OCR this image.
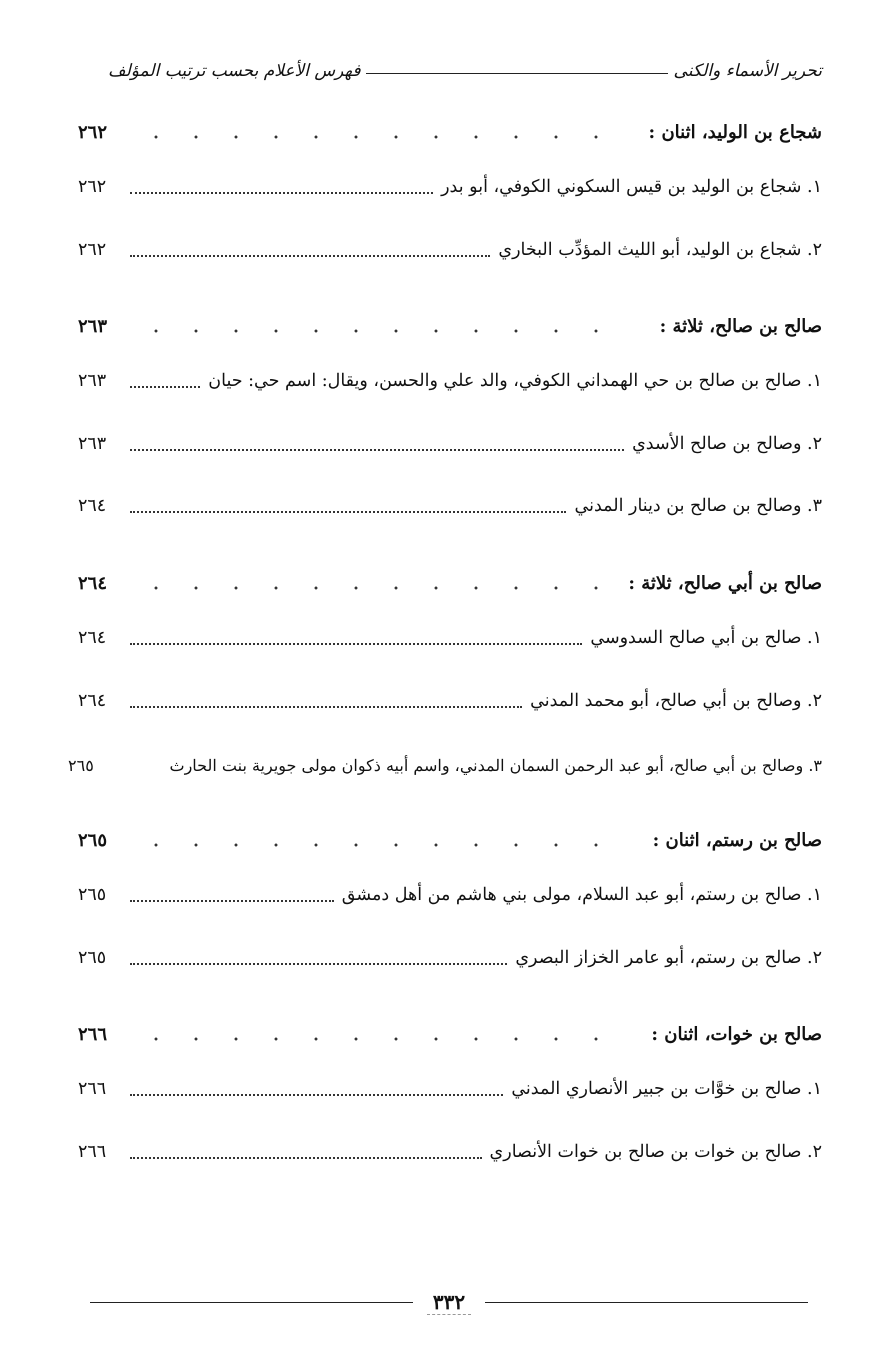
تحرير الأسماء والكنى
فهرس الأعلام بحسب ترتيب المؤلف
شجاع بن الوليد، اثنان :
٢٦٢
١. شجاع بن الوليد بن قيس السكوني الكوفي، أبو بدر
٢٦٢
٢. شجاع بن الوليد، أبو الليث المؤدِّب البخاري
٢٦٢
صالح بن صالح، ثلاثة :
٢٦٣
١. صالح بن صالح بن حي الهمداني الكوفي، والد علي والحسن، ويقال: اسم حي: حيان
٢٦٣
٢. وصالح بن صالح الأسدي
٢٦٣
٣. وصالح بن صالح بن دينار المدني
٢٦٤
صالح بن أبي صالح، ثلاثة :
٢٦٤
١. صالح بن أبي صالح السدوسي
٢٦٤
٢. وصالح بن أبي صالح، أبو محمد المدني
٢٦٤
٣. وصالح بن أبي صالح، أبو عبد الرحمن السمان المدني، واسم أبيه ذكوان مولى جويرية بنت الحارث
٢٦٥
صالح بن رستم، اثنان :
٢٦٥
١. صالح بن رستم، أبو عبد السلام، مولى بني هاشم من أهل دمشق
٢٦٥
٢. صالح بن رستم، أبو عامر الخزاز البصري
٢٦٥
صالح بن خوات، اثنان :
٢٦٦
١. صالح بن خوَّات بن جبير الأنصاري المدني
٢٦٦
٢. صالح بن خوات بن صالح بن خوات الأنصاري
٢٦٦
٣٣٢
